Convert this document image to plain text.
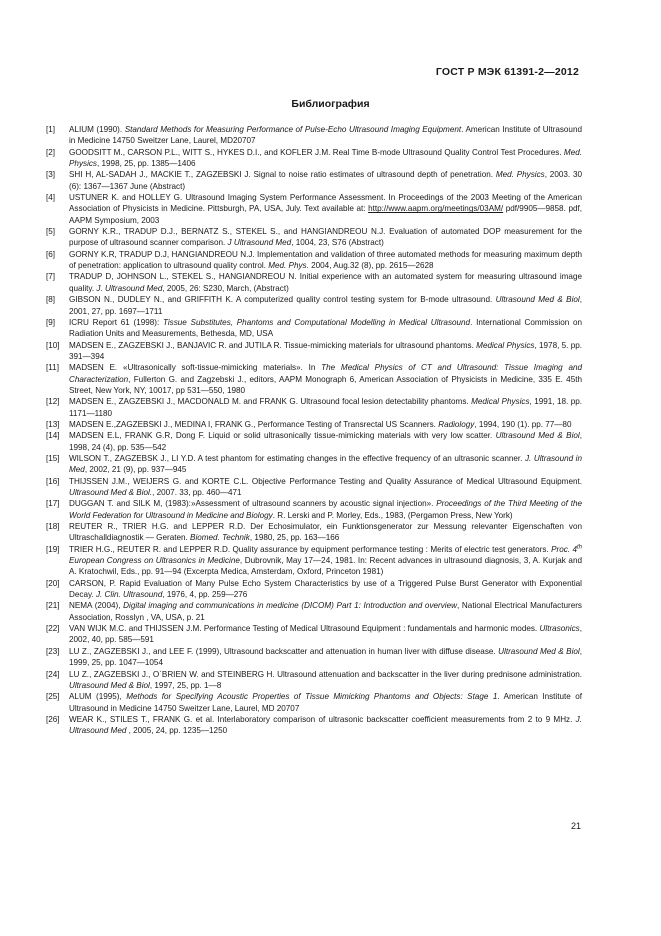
ГОСТ Р МЭК 61391-2—2012
Библиография
[1]	ALIUM (1990). Standard Methods for Measuring Performance of Pulse-Echo Ultrasound Imaging Equipment. American Institute of Ultrasound in Medicine 14750 Sweitzer Lane, Laurel, MD20707
[2]	GOODSITT M., CARSON P.L., WITT S., HYKES D.I., and KOFLER J.M. Real Time B-mode Ultrasound Quality Control Test Procedures. Med. Physics, 1998, 25, pp. 1385—1406
[3]	SHI H, AL-SADAH J., MACKIE T., ZAGZEBSKI J. Signal to noise ratio estimates of ultrasound depth of penetration. Med. Physics, 2003. 30 (6): 1367—1367 June (Abstract)
[4]	USTUNER K. and HOLLEY G. Ultrasound Imaging System Performance Assessment. In Proceedings of the 2003 Meeting of the American Association of Physicists in Medicine. Pittsburgh, PA, USA, July. Text available at: http://www.aapm.org/meetings/03AM/ pdf/9905—9858. pdf, AAPM Symposium, 2003
[5]	GORNY K.R., TRADUP D.J., BERNATZ S., STEKEL S., and HANGIANDREOU N.J. Evaluation of automated DOP measurement for the purpose of ultrasound scanner comparison. J Ultrasound Med, 1004, 23, S76 (Abstract)
[6]	GORNY K.R, TRADUP D.J, HANGIANDREOU N.J. Implementation and validation of three automated methods for measuring maximum depth of penetration: application to ultrasound quality control. Med. Phys. 2004, Aug.32 (8), pp. 2615—2628
[7]	TRADUP D, JOHNSON L., STEKEL S., HANGIANDREOU N. Initial experience with an automated system for measuring ultrasound image quality. J. Ultrasound Med, 2005, 26: S230, March, (Abstract)
[8]	GIBSON N., DUDLEY N., and GRIFFITH K. A computerized quality control testing system for B-mode ultrasound. Ultrasound Med & Biol, 2001, 27, pp. 1697—1711
[9]	ICRU Report 61 (1998): Tissue Substitutes, Phantoms and Computational Modelling in Medical Ultrasound. International Commission on Radiation Units and Measurements, Bethesda, MD, USA
[10]	MADSEN E., ZAGZEBSKI J., BANJAVIC R. and JUTILA R. Tissue-mimicking materials for ultrasound phantoms. Medical Physics, 1978, 5. pp. 391—394
[11]	MADSEN E. «Ultrasonically soft-tissue-mimicking materials». In The Medical Physics of CT and Ultrasound: Tissue Imaging and Characterization, Fullerton G. and Zagzebski J., editors, AAPM Monograph 6, American Association of Physicists in Medicine, 335 E. 45th Street, New York, NY, 10017, pp 531—550, 1980
[12]	MADSEN E., ZAGZEBSKI J., MACDONALD M. and FRANK G. Ultrasound focal lesion detectability phantoms. Medical Physics, 1991, 18. pp. 1171—1180
[13]	MADSEN E.,ZAGZEBSKI J., MEDINA I, FRANK G., Performance Testing of Transrectal US Scanners. Radiology, 1994, 190 (1). pp. 77—80
[14]	MADSEN E.L, FRANK G.R, Dong F. Liquid or solid ultrasonically tissue-mimicking materials with very low scatter. Ultrasound Med & Biol, 1998, 24 (4), pp. 535—542
[15]	WILSON T., ZAGZEBSK J., LI Y.D. A test phantom for estimating changes in the effective frequency of an ultrasonic scanner. J. Ultrasound in Med, 2002, 21 (9), pp. 937—945
[16]	THIJSSEN J.M., WEIJERS G. and KORTE C.L. Objective Performance Testing and Quality Assurance of Medical Ultrasound Equipment. Ultrasound Med & Biol., 2007. 33, pp. 460—471
[17]	DUGGAN T. and SILK M, (1983):»Assessment of ultrasound scanners by acoustic signal injection». Proceedings of the Third Meeting of the World Federation for Ultrasound in Medicine and Biology. R. Lerski and P. Morley, Eds., 1983, (Pergamon Press, New York)
[18]	REUTER R., TRIER H.G. and LEPPER R.D. Der Echosimulator, ein Funktionsgenerator zur Messung relevanter Eigenschaften von Ultraschalldiagnostik — Geraten. Biomed. Technik, 1980, 25, pp. 163—166
[19]	TRIER H.G., REUTER R. and LEPPER R.D. Quality assurance by equipment performance testing : Merits of electric test generators. Proc. 4th European Congress on Ultrasonics in Medicine, Dubrovnik, May 17—24, 1981. In: Recent advances in ultrasound diagnosis, 3, A. Kurjak and A. Kratochwil, Eds., pp. 91—94 (Excerpta Medica, Amsterdam, Oxford, Princeton 1981)
[20]	CARSON, P. Rapid Evaluation of Many Pulse Echo System Characteristics by use of a Triggered Pulse Burst Generator with Exponential Decay. J. Clin. Ultrasound, 1976, 4, pp. 259—276
[21]	NEMA (2004), Digital imaging and communications in medicine (DICOM) Part 1: Introduction and overview, National Electrical Manufacturers Association, Rosslyn , VA, USA, p. 21
[22]	VAN WIJK M.C. and THIJSSEN J.M. Performance Testing of Medical Ultrasound Equipment : fundamentals and harmonic modes. Ultrasonics, 2002, 40, pp. 585—591
[23]	LU Z., ZAGZEBSKI J., and LEE F. (1999), Ultrasound backscatter and attenuation in human liver with diffuse disease. Ultrasound Med & Biol, 1999, 25, pp. 1047—1054
[24]	LU Z., ZAGZEBSKI J., O`BRIEN W. and STEINBERG H. Ultrasound attenuation and backscatter in the liver during prednisone administration. Ultrasound Med & Biol, 1997, 25, pp. 1—8
[25]	ALUM (1995), Methods for Specifying Acoustic Properties of Tissue Mimicking Phantoms and Objects: Stage 1. American Institute of Ultrasound in Medicine 14750 Sweitzer Lane, Laurel, MD 20707
[26]	WEAR K., STILES T., FRANK G. et al. Interlaboratory comparison of ultrasonic backscatter coefficient measurements from 2 to 9 MHz. J. Ultrasound Med , 2005, 24, pp. 1235—1250
21
